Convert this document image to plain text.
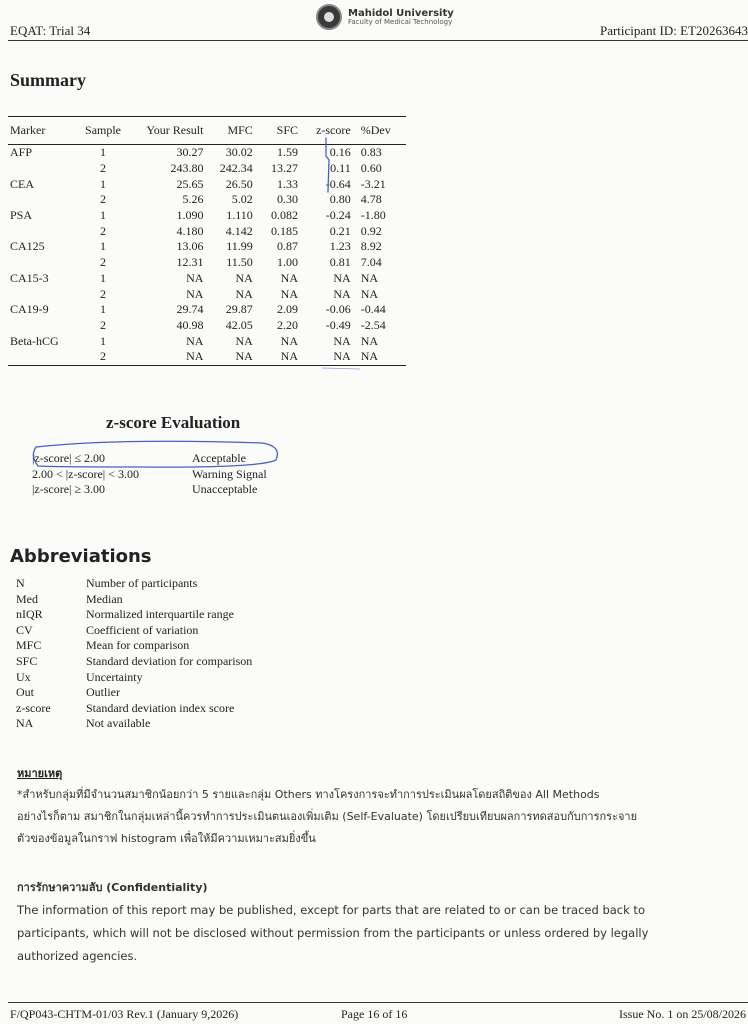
EQAT: Trial 34
Mahidol University
Faculty of Medical Technology
Participant ID: ET20263643
Summary
Marker	Sample	Your Result	MFC	SFC	z-score	%Dev
AFP	1	30.27	30.02	1.59	0.16	0.83
	2	243.80	242.34	13.27	0.11	0.60
CEA	1	25.65	26.50	1.33	-0.64	-3.21
	2	5.26	5.02	0.30	0.80	4.78
PSA	1	1.090	1.110	0.082	-0.24	-1.80
	2	4.180	4.142	0.185	0.21	0.92
CA125	1	13.06	11.99	0.87	1.23	8.92
	2	12.31	11.50	1.00	0.81	7.04
CA15-3	1	NA	NA	NA	NA	NA
	2	NA	NA	NA	NA	NA
CA19-9	1	29.74	29.87	2.09	-0.06	-0.44
	2	40.98	42.05	2.20	-0.49	-2.54
Beta-hCG	1	NA	NA	NA	NA	NA
	2	NA	NA	NA	NA	NA
z-score Evaluation
|z-score| ≤ 2.00	Acceptable
2.00 < |z-score| < 3.00	Warning Signal
|z-score| ≥ 3.00	Unacceptable
Abbreviations
N	Number of participants
Med	Median
nIQR	Normalized interquartile range
CV	Coefficient of variation
MFC	Mean for comparison
SFC	Standard deviation for comparison
Ux	Uncertainty
Out	Outlier
z-score	Standard deviation index score
NA	Not available
หมายเหตุ
*สำหรับกลุ่มที่มีจำนวนสมาชิกน้อยกว่า 5 รายและกลุ่ม Others ทางโครงการจะทำการประเมินผลโดยสถิติของ All Methods
อย่างไรก็ตาม สมาชิกในกลุ่มเหล่านี้ควรทำการประเมินตนเองเพิ่มเติม (Self-Evaluate) โดยเปรียบเทียบผลการทดสอบกับการกระจาย
ตัวของข้อมูลในกราฟ histogram เพื่อให้มีความเหมาะสมยิ่งขึ้น
การรักษาความลับ (Confidentiality)
The information of this report may be published, except for parts that are related to or can be traced back to
participants, which will not be disclosed without permission from the participants or unless ordered by legally
authorized agencies.
F/QP043-CHTM-01/03 Rev.1 (January 9,2026)	Page 16 of 16	Issue No. 1 on 25/08/2026
